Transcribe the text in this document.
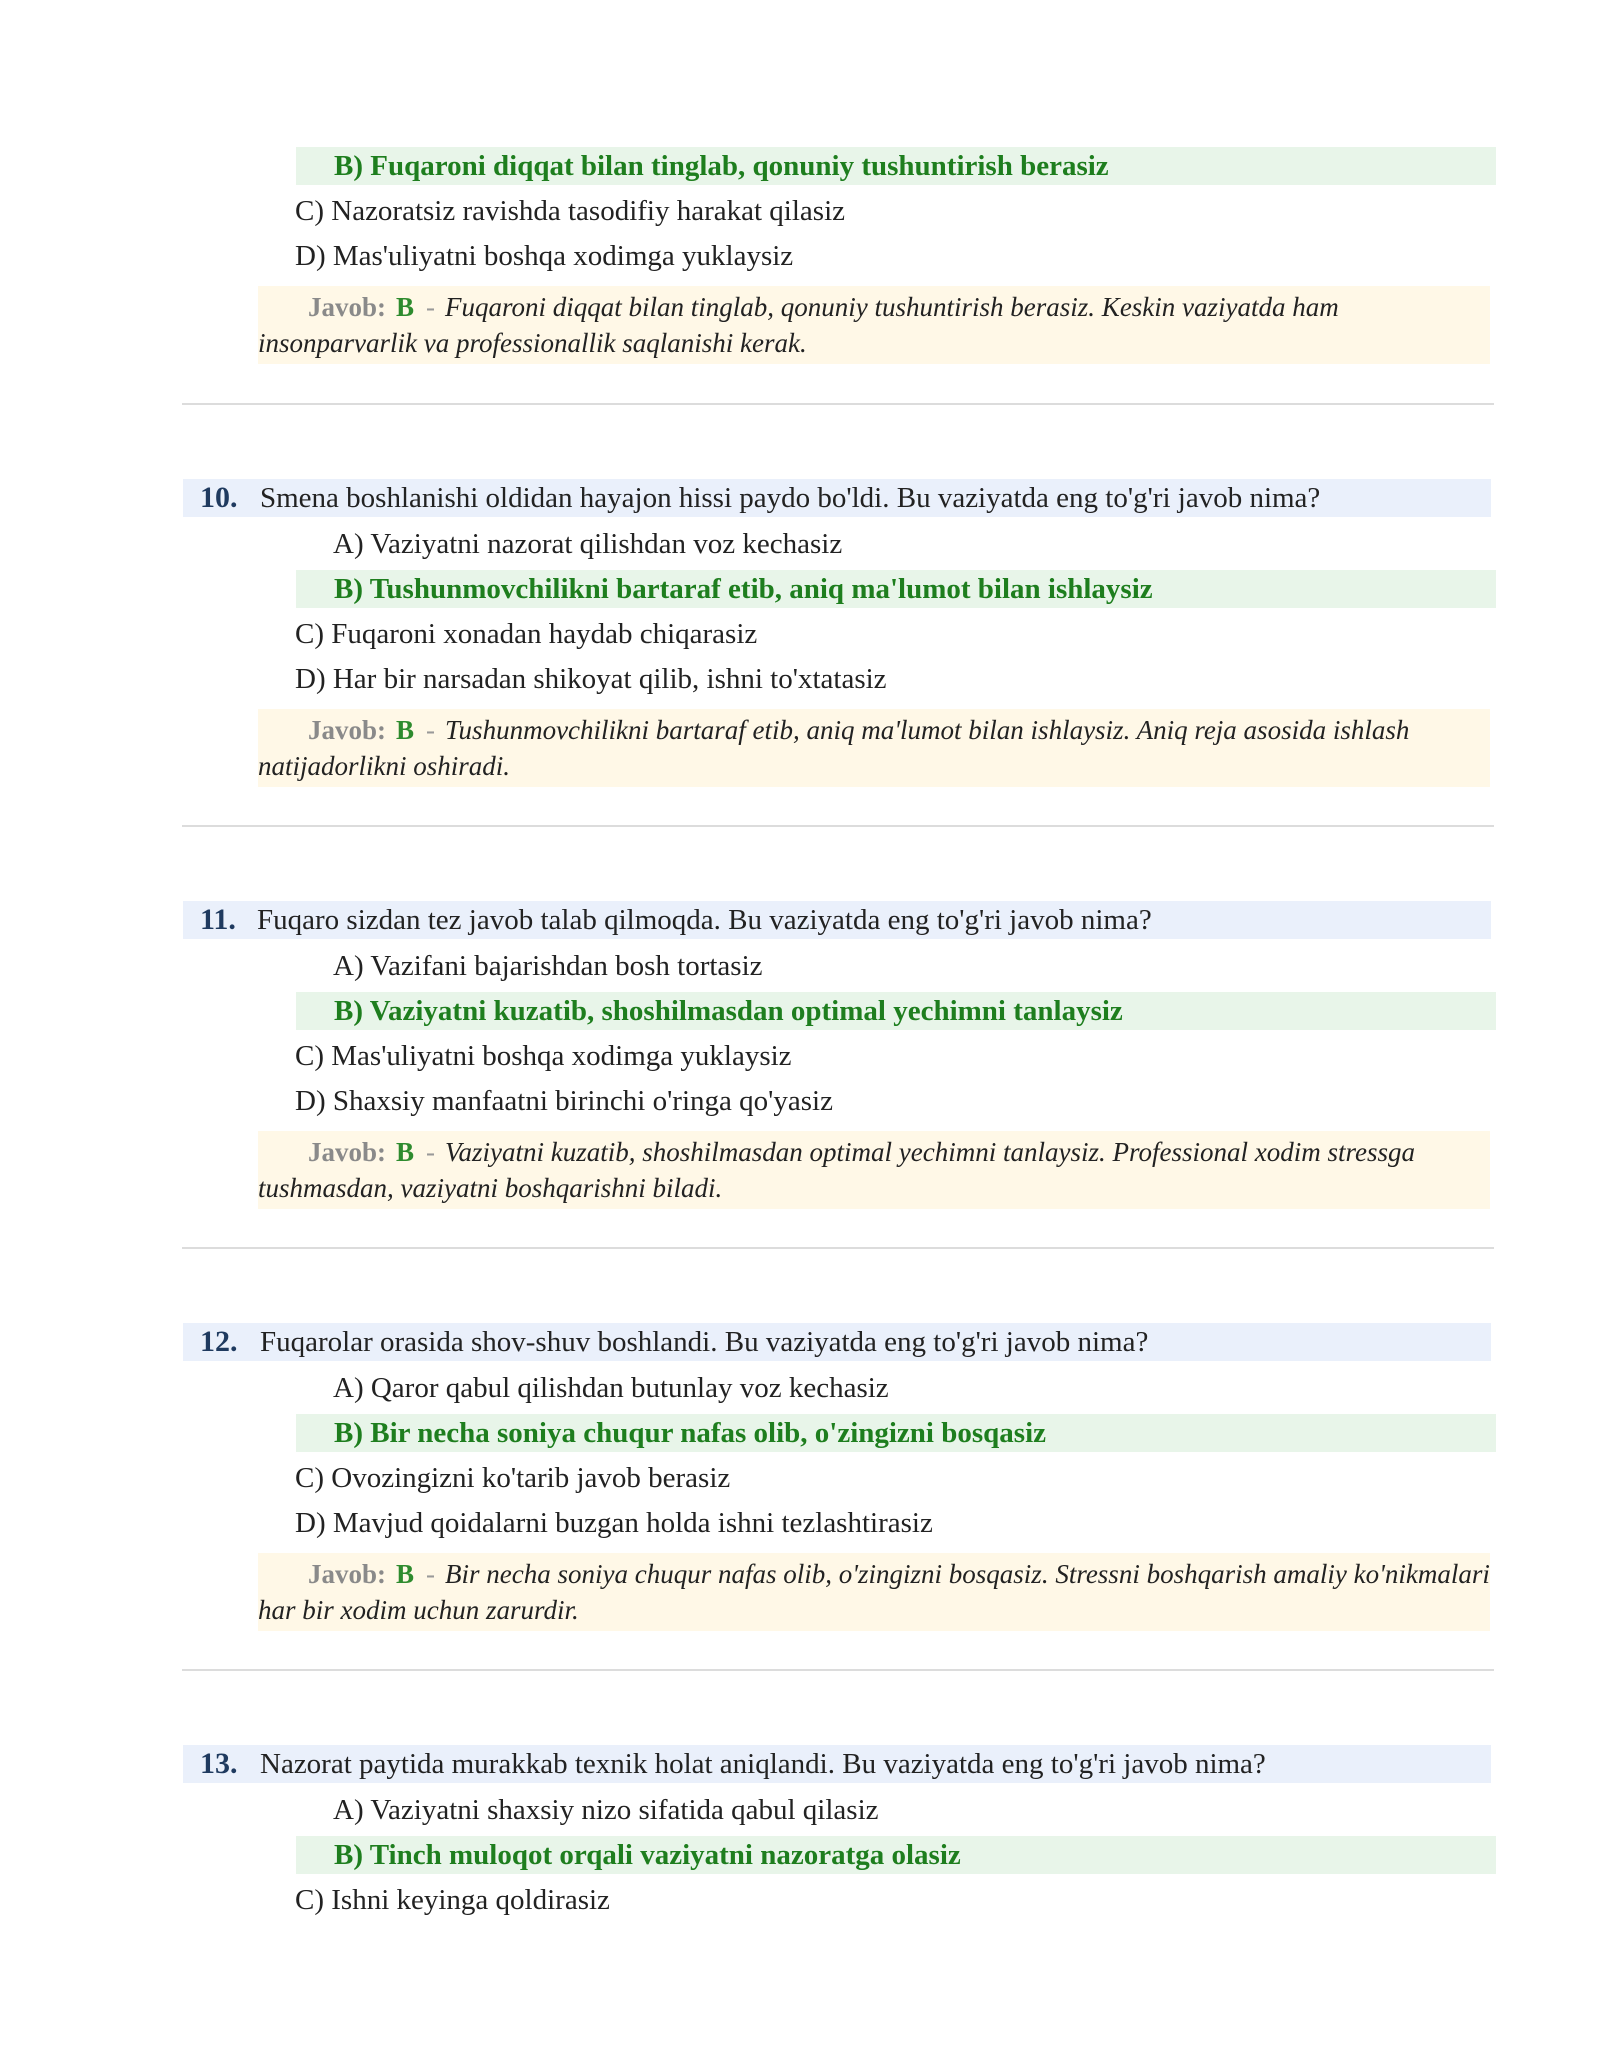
B) Fuqaroni diqqat bilan tinglab, qonuniy tushuntirish berasiz
C) Nazoratsiz ravishda tasodifiy harakat qilasiz
D) Mas'uliyatni boshqa xodimga yuklaysiz
Javob: B - Fuqaroni diqqat bilan tinglab, qonuniy tushuntirish berasiz. Keskin vaziyatda ham insonparvarlik va professionallik saqlanishi kerak.
10. Smena boshlanishi oldidan hayajon hissi paydo bo'ldi. Bu vaziyatda eng to'g'ri javob nima?
A) Vaziyatni nazorat qilishdan voz kechasiz
B) Tushunmovchilikni bartaraf etib, aniq ma'lumot bilan ishlaysiz
C) Fuqaroni xonadan haydab chiqarasiz
D) Har bir narsadan shikoyat qilib, ishni to'xtatasiz
Javob: B - Tushunmovchilikni bartaraf etib, aniq ma'lumot bilan ishlaysiz. Aniq reja asosida ishlash natijadorlikni oshiradi.
11. Fuqaro sizdan tez javob talab qilmoqda. Bu vaziyatda eng to'g'ri javob nima?
A) Vazifani bajarishdan bosh tortasiz
B) Vaziyatni kuzatib, shoshilmasdan optimal yechimni tanlaysiz
C) Mas'uliyatni boshqa xodimga yuklaysiz
D) Shaxsiy manfaatni birinchi o'ringa qo'yasiz
Javob: B - Vaziyatni kuzatib, shoshilmasdan optimal yechimni tanlaysiz. Professional xodim stressga tushmasdan, vaziyatni boshqarishni biladi.
12. Fuqarolar orasida shov-shuv boshlandi. Bu vaziyatda eng to'g'ri javob nima?
A) Qaror qabul qilishdan butunlay voz kechasiz
B) Bir necha soniya chuqur nafas olib, o'zingizni bosqasiz
C) Ovozingizni ko'tarib javob berasiz
D) Mavjud qoidalarni buzgan holda ishni tezlashtirasiz
Javob: B - Bir necha soniya chuqur nafas olib, o'zingizni bosqasiz. Stressni boshqarish amaliy ko'nikmalari har bir xodim uchun zarurdir.
13. Nazorat paytida murakkab texnik holat aniqlandi. Bu vaziyatda eng to'g'ri javob nima?
A) Vaziyatni shaxsiy nizo sifatida qabul qilasiz
B) Tinch muloqot orqali vaziyatni nazoratga olasiz
C) Ishni keyinga qoldirasiz
